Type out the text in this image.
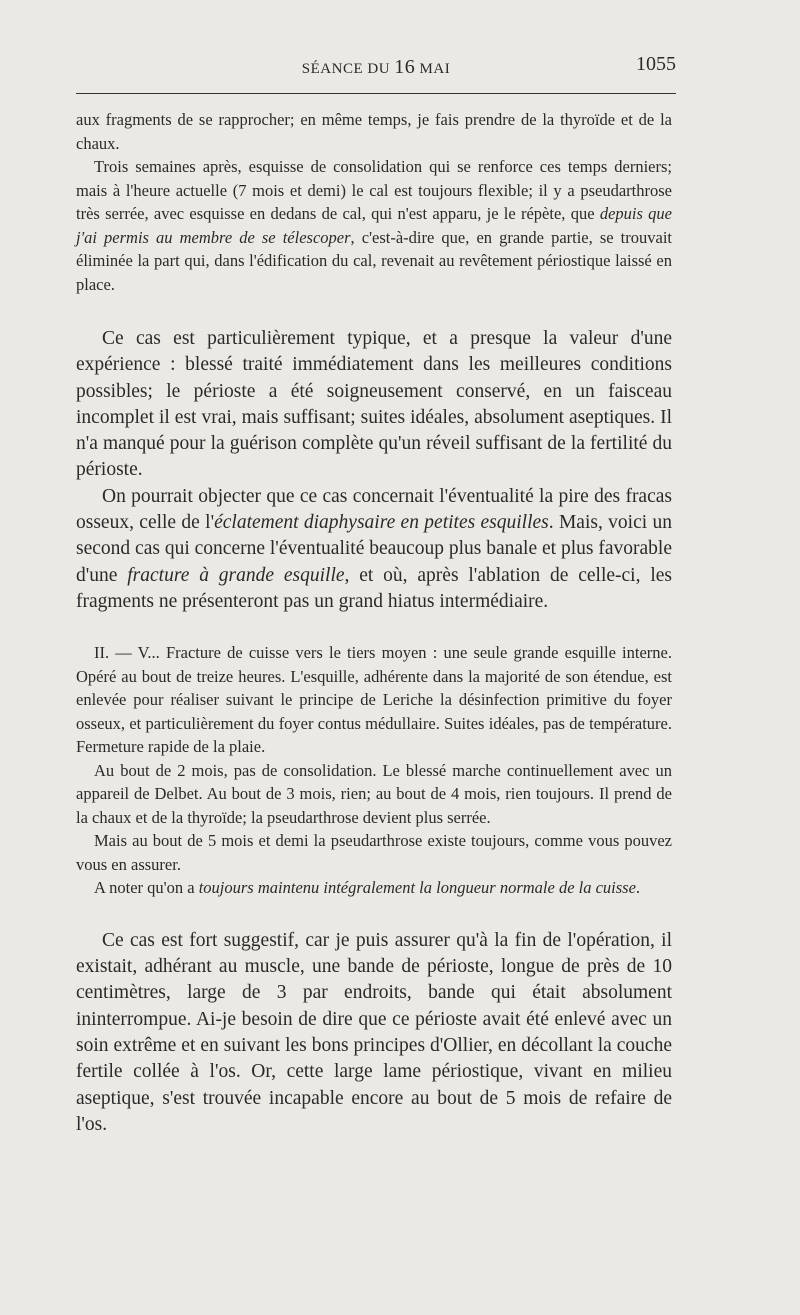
SÉANCE DU 16 MAI	1055

aux fragments de se rapprocher; en même temps, je fais prendre de la thyroïde et de la chaux.

Trois semaines après, esquisse de consolidation qui se renforce ces temps derniers; mais à l'heure actuelle (7 mois et demi) le cal est toujours flexible; il y a pseudarthrose très serrée, avec esquisse en dedans de cal, qui n'est apparu, je le répète, que depuis que j'ai permis au membre de se télescoper, c'est-à-dire que, en grande partie, se trouvait éliminée la part qui, dans l'édification du cal, revenait au revêtement périostique laissé en place.

Ce cas est particulièrement typique, et a presque la valeur d'une expérience : blessé traité immédiatement dans les meilleures conditions possibles; le périoste a été soigneusement conservé, en un faisceau incomplet il est vrai, mais suffisant; suites idéales, absolument aseptiques. Il n'a manqué pour la guérison complète qu'un réveil suffisant de la fertilité du périoste.

On pourrait objecter que ce cas concernait l'éventualité la pire des fracas osseux, celle de l'éclatement diaphysaire en petites esquilles. Mais, voici un second cas qui concerne l'éventualité beaucoup plus banale et plus favorable d'une fracture à grande esquille, et où, après l'ablation de celle-ci, les fragments ne présenteront pas un grand hiatus intermédiaire.

II. — V... Fracture de cuisse vers le tiers moyen : une seule grande esquille interne. Opéré au bout de treize heures. L'esquille, adhérente dans la majorité de son étendue, est enlevée pour réaliser suivant le principe de Leriche la désinfection primitive du foyer osseux, et particulièrement du foyer contus médullaire. Suites idéales, pas de température. Fermeture rapide de la plaie.

Au bout de 2 mois, pas de consolidation. Le blessé marche continuellement avec un appareil de Delbet. Au bout de 3 mois, rien; au bout de 4 mois, rien toujours. Il prend de la chaux et de la thyroïde; la pseudarthrose devient plus serrée.

Mais au bout de 5 mois et demi la pseudarthrose existe toujours, comme vous pouvez vous en assurer.

A noter qu'on a toujours maintenu intégralement la longueur normale de la cuisse.

Ce cas est fort suggestif, car je puis assurer qu'à la fin de l'opération, il existait, adhérant au muscle, une bande de périoste, longue de près de 10 centimètres, large de 3 par endroits, bande qui était absolument ininterrompue. Ai-je besoin de dire que ce périoste avait été enlevé avec un soin extrême et en suivant les bons principes d'Ollier, en décollant la couche fertile collée à l'os. Or, cette large lame périostique, vivant en milieu aseptique, s'est trouvée incapable encore au bout de 5 mois de refaire de l'os.
